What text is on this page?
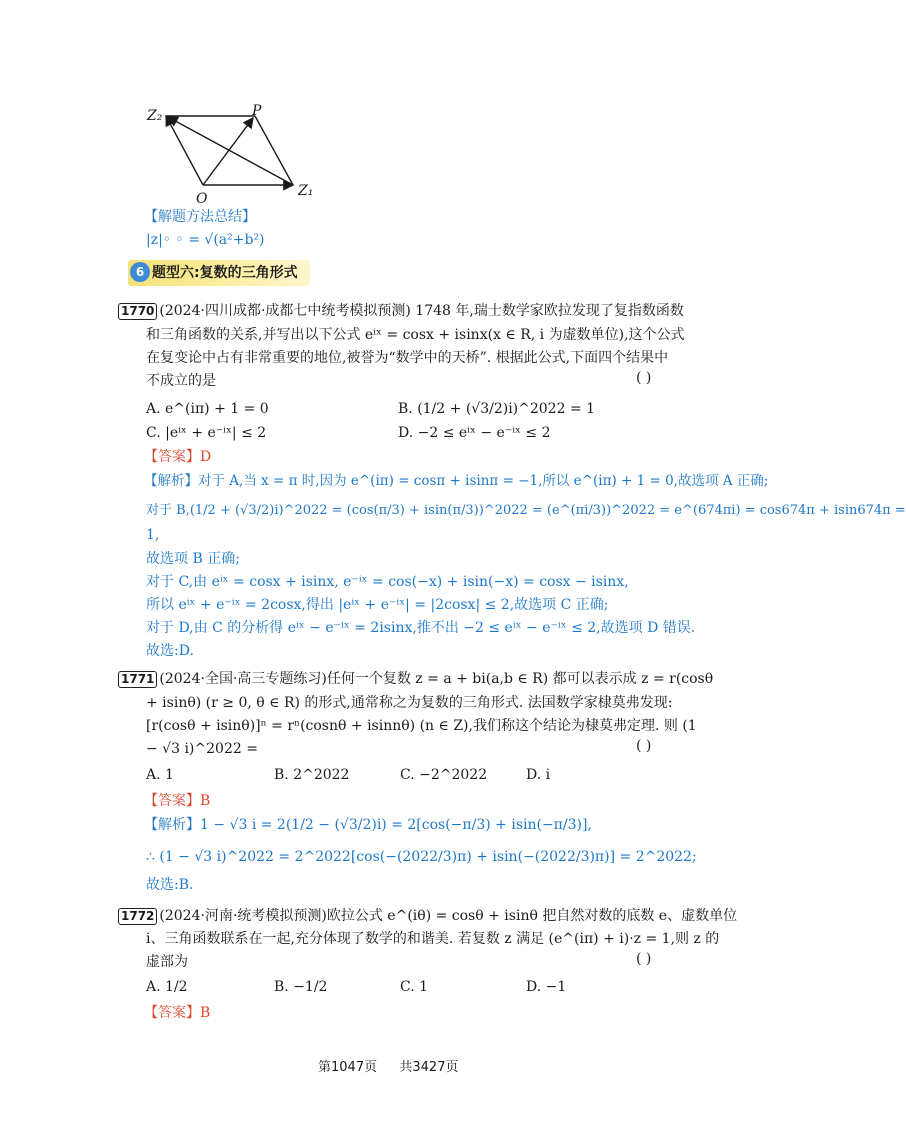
Z₂	P
O	Z₁
【解题方法总结】
|z|◦ ◦ = √(a²+b²)
6 题型六:复数的三角形式
1770 (2024·四川成都·成都七中统考模拟预测) 1748 年,瑞士数学家欧拉发现了复指数函数
和三角函数的关系,并写出以下公式 eⁱˣ = cosx + isinx(x ∈ R, i 为虚数单位),这个公式
在复变论中占有非常重要的地位,被誉为“数学中的天桥”. 根据此公式,下面四个结果中
不成立的是	( )
A. e^(iπ) + 1 = 0	B. (1/2 + (√3/2)i)^2022 = 1
C. |eⁱˣ + e⁻ⁱˣ| ≤ 2	D. −2 ≤ eⁱˣ − e⁻ⁱˣ ≤ 2
【答案】D
【解析】对于 A,当 x = π 时,因为 e^(iπ) = cosπ + isinπ = −1,所以 e^(iπ) + 1 = 0,故选项 A 正确;
对于 B,(1/2 + (√3/2)i)^2022 = (cos(π/3) + isin(π/3))^2022 = (e^(πi/3))^2022 = e^(674πi) = cos674π + isin674π =
1,
故选项 B 正确;
对于 C,由 eⁱˣ = cosx + isinx, e⁻ⁱˣ = cos(−x) + isin(−x) = cosx − isinx,
所以 eⁱˣ + e⁻ⁱˣ = 2cosx,得出 |eⁱˣ + e⁻ⁱˣ| = |2cosx| ≤ 2,故选项 C 正确;
对于 D,由 C 的分析得 eⁱˣ − e⁻ⁱˣ = 2isinx,推不出 −2 ≤ eⁱˣ − e⁻ⁱˣ ≤ 2,故选项 D 错误.
故选:D.
1771 (2024·全国·高三专题练习)任何一个复数 z = a + bi(a,b ∈ R) 都可以表示成 z = r(cosθ
+ isinθ) (r ≥ 0, θ ∈ R) 的形式,通常称之为复数的三角形式. 法国数学家棣莫弗发现:
[r(cosθ + isinθ)]ⁿ = rⁿ(cosnθ + isinnθ) (n ∈ Z),我们称这个结论为棣莫弗定理. 则 (1
− √3 i)^2022 =	( )
A. 1	B. 2^2022	C. −2^2022	D. i
【答案】B
【解析】1 − √3 i = 2(1/2 − (√3/2)i) = 2[cos(−π/3) + isin(−π/3)],
∴ (1 − √3 i)^2022 = 2^2022[cos(−(2022/3)π) + isin(−(2022/3)π)] = 2^2022;
故选:B.
1772 (2024·河南·统考模拟预测)欧拉公式 e^(iθ) = cosθ + isinθ 把自然对数的底数 e、虚数单位
i、三角函数联系在一起,充分体现了数学的和谐美. 若复数 z 满足 (e^(iπ) + i)·z = 1,则 z 的
虚部为	( )
A. 1/2	B. −1/2	C. 1	D. −1
【答案】B
第1047页 共3427页
